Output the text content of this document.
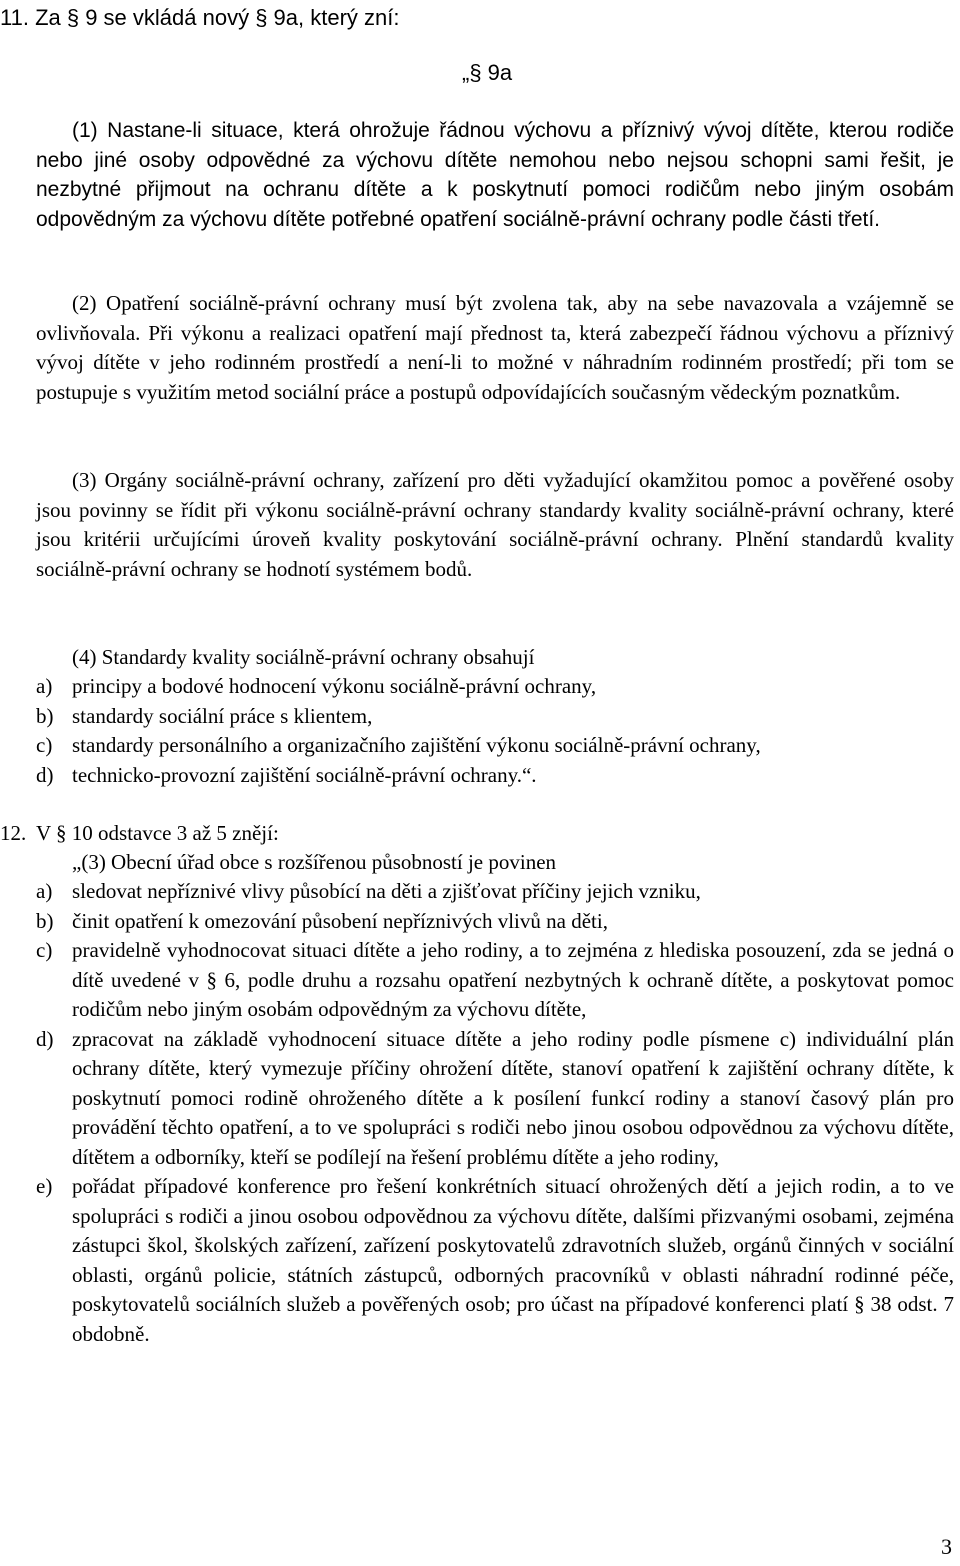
11. Za § 9 se vkládá nový § 9a, který zní:
„§ 9a

(1) Nastane-li situace, která ohrožuje řádnou výchovu a příznivý vývoj dítěte, kterou rodiče nebo jiné osoby odpovědné za výchovu dítěte nemohou nebo nejsou schopni sami řešit, je nezbytné přijmout na ochranu dítěte a k poskytnutí pomoci rodičům nebo jiným osobám odpovědným za výchovu dítěte potřebné opatření sociálně-právní ochrany podle části třetí.

(2) Opatření sociálně-právní ochrany musí být zvolena tak, aby na sebe navazovala a vzájemně se ovlivňovala. Při výkonu a realizaci opatření mají přednost ta, která zabezpečí řádnou výchovu a příznivý vývoj dítěte v jeho rodinném prostředí a není-li to možné v náhradním rodinném prostředí; při tom se postupuje s využitím metod sociální práce a postupů odpovídajících současným vědeckým poznatkům.

(3) Orgány sociálně-právní ochrany, zařízení pro děti vyžadující okamžitou pomoc a pověřené osoby jsou povinny se řídit při výkonu sociálně-právní ochrany standardy kvality sociálně-právní ochrany, které jsou kritérii určujícími úroveň kvality poskytování sociálně-právní ochrany. Plnění standardů kvality sociálně-právní ochrany se hodnotí systémem bodů.

(4) Standardy kvality sociálně-právní ochrany obsahují
a) principy a bodové hodnocení výkonu sociálně-právní ochrany,
b) standardy sociální práce s klientem,
c) standardy personálního a organizačního zajištění výkonu sociálně-právní ochrany,
d) technicko-provozní zajištění sociálně-právní ochrany.“.
12. V § 10 odstavce 3 až 5 znějí:
„(3) Obecní úřad obce s rozšířenou působností je povinen
a) sledovat nepříznivé vlivy působící na děti a zjišťovat příčiny jejich vzniku,
b) činit opatření k omezování působení nepříznivých vlivů na děti,
c) pravidelně vyhodnocovat situaci dítěte a jeho rodiny, a to zejména z hlediska posouzení, zda se jedná o dítě uvedené v § 6, podle druhu a rozsahu opatření nezbytných k ochraně dítěte, a poskytovat pomoc rodičům nebo jiným osobám odpovědným za výchovu dítěte,
d) zpracovat na základě vyhodnocení situace dítěte a jeho rodiny podle písmene c) individuální plán ochrany dítěte, který vymezuje příčiny ohrožení dítěte, stanoví opatření k zajištění ochrany dítěte, k poskytnutí pomoci rodině ohroženého dítěte a k posílení funkcí rodiny a stanoví časový plán pro provádění těchto opatření, a to ve spolupráci s rodiči nebo jinou osobou odpovědnou za výchovu dítěte, dítětem a odborníky, kteří se podílejí na řešení problému dítěte a jeho rodiny,
e) pořádat případové konference pro řešení konkrétních situací ohrožených dětí a jejich rodin, a to ve spolupráci s rodiči a jinou osobou odpovědnou za výchovu dítěte, dalšími přizvanými osobami, zejména zástupci škol, školských zařízení, zařízení poskytovatelů zdravotních služeb, orgánů činných v sociální oblasti, orgánů policie, státních zástupců, odborných pracovníků v oblasti náhradní rodinné péče, poskytovatelů sociálních služeb a pověřených osob; pro účast na případové konferenci platí § 38 odst. 7 obdobně.
3
